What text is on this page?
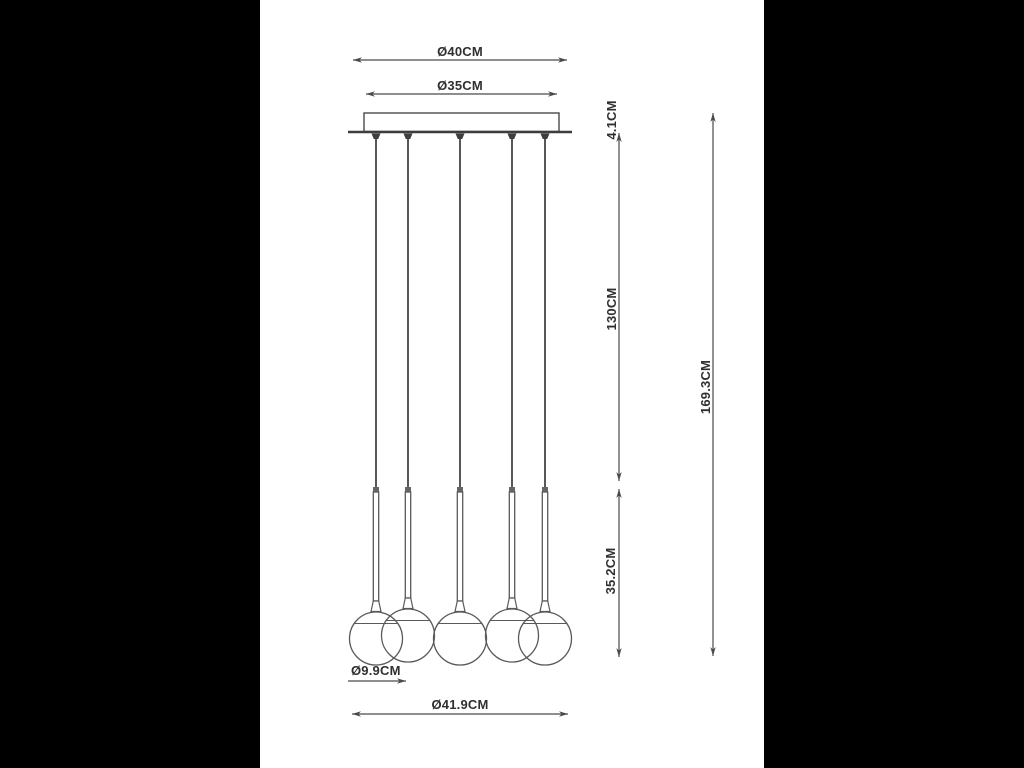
Ø40CM
Ø35CM
4.1CM
130CM
35.2CM
169.3CM
Ø9.9CM
Ø41.9CM
